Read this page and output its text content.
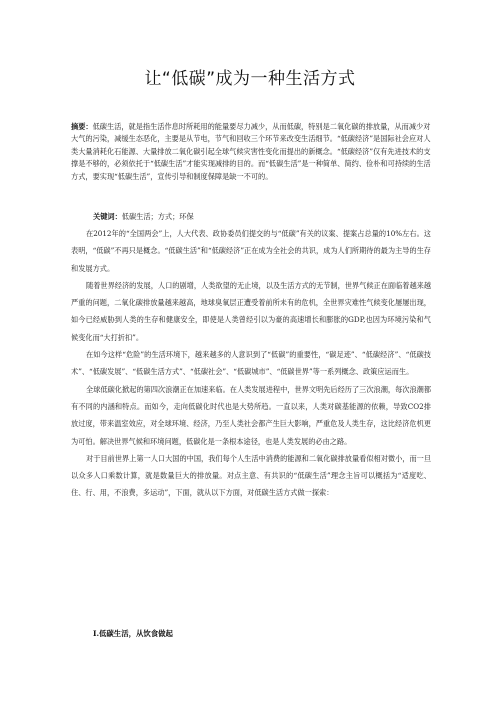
让“低碳”成为一种生活方式
摘要：低碳生活，就是指生活作息时所耗用的能量要尽力减少，从而低碳，特别是二氧化碳的排放量，从而减少对大气的污染，减缓生态恶化，主要是从节电，节气和回收三个环节来改变生活细节。“低碳经济”是国际社会应对人类大量消耗化石能源、大量排放二氧化碳引起全球气候灾害性变化而提出的新概念。“低碳经济”仅有先进技术的支撑是不够的，必须依托于“低碳生活”才能实现减排的目的。而“低碳生活”是一种简单、简约、俭朴和可持续的生活方式，要实现“低碳生活”，宣传引导和制度保障是缺一不可的。
关键词：低碳生活；方式；环保

在2012年的“全国两会”上，人大代表、政协委员们提交的与“低碳”有关的议案、提案占总量的10%左右。这表明，“低碳”不再只是概念。“低碳生活”和“低碳经济”正在成为全社会的共识，成为人们所期待的最为主导的生存和发展方式。

随着世界经济的发展，人口的剧增，人类欲望的无止境，以及生活方式的无节制，世界气候正在面临着越来越严重的问题，二氧化碳排放量越来越高，地球臭氧层正遭受着前所未有的危机，全世界灾难性气候变化屡屡出现，如今已经威胁到人类的生存和健康安全，即使是人类曾经引以为豪的高速增长和膨胀的GDP,也因为环境污染和气候变化而“大打折扣”。

在如今这样“危险”的生活环境下，越来越多的人意识到了“低碳”的重要性，“碳足迹”、“低碳经济”、“低碳技术”、“低碳发展”、“低碳生活方式”、“低碳社会”、“低碳城市”、“低碳世界”等一系列概念、政策应运而生。

全球低碳化掀起的第四次浪潮正在加速来临。在人类发展进程中，世界文明先后经历了三次浪潮，每次浪潮都有不同的内涵和特点。而如今，走向低碳化时代也是大势所趋。一直以来，人类对碳基能源的依赖，导致CO2排放过度，带来温室效应，对全球环境、经济，乃至人类社会都产生巨大影响，严重危及人类生存，这比经济危机更为可怕。解决世界气候和环境问题，低碳化是一条根本途径，也是人类发展的必由之路。

对于目前世界上第一人口大国的中国，我们每个人生活中消费的能源和二氧化碳排放量看似相对微小，而一旦以众多人口乘数计算，就是数量巨大的排放量。对点主意、有共识的“低碳生活”理念主旨可以概括为“适度吃、住、行、用，不浪费，多运动”，下面，就从以下方面，对低碳生活方式做一探索：

Ⅰ.低碳生活，从饮食做起
